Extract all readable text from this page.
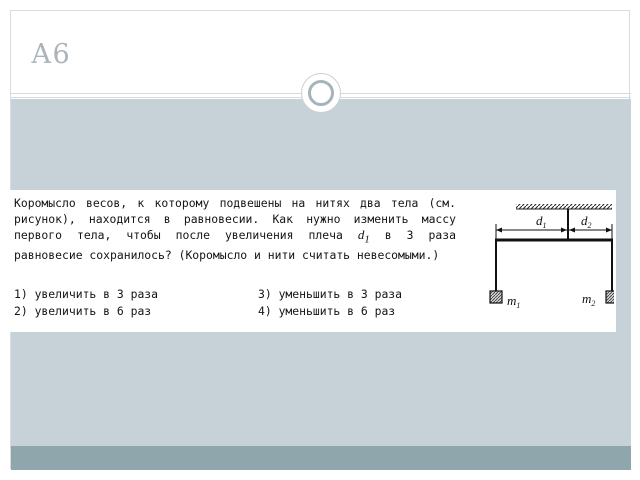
А6
Коромысло весов, к которому подвешены на нитях два тела (см. рисунок), находится в равновесии. Как нужно изменить массу первого тела, чтобы после увеличения плеча $d_1$ в 3 раза равновесие сохранилось? (Коромысло и нити считать невесомыми.)
1) увеличить в 3 раза
2) увеличить в 6 раз
3) уменьшить в 3 раза
4) уменьшить в 6 раз
$d_1$	$d_2$
$m_1$	$m_2$
